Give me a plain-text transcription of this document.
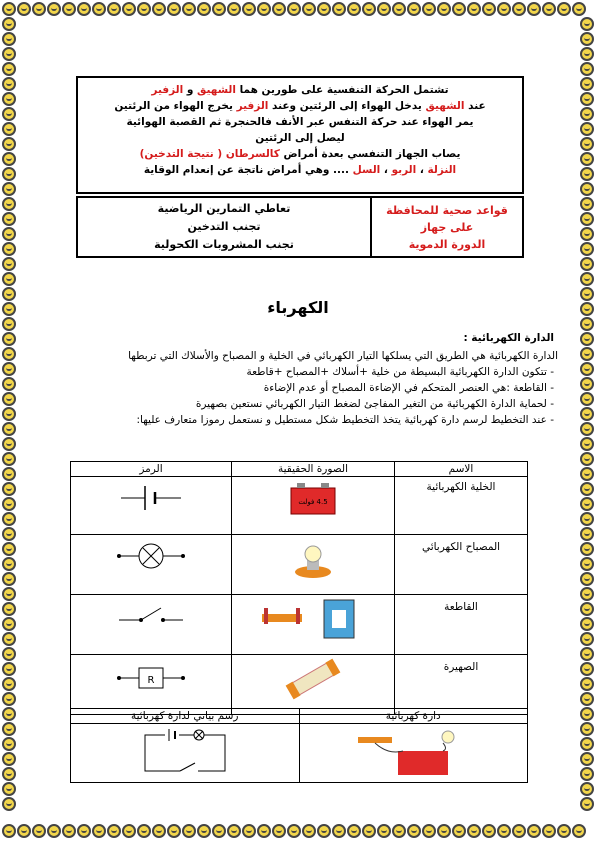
تشتمل الحركة التنفسية على طورين هما الشهيق و الزفير
عند الشهيق يدخل الهواء إلى الرئتين وعند الزفير يخرج الهواء من الرئتين
يمر الهواء عند حركة التنفس عبر الأنف فالحنجرة ثم القصبة الهوائية
ليصل إلى الرئتين
يصاب الجهاز التنفسي بعدة أمراض كالسرطان ( نتيجة التدخين)
النزلة ، الربو ، السل .... وهي أمراض ناتجة عن إنعدام الوقاية
قواعد صحية للمحافظة
على جهاز
الدورة الدموية
تعاطي التمارين الرياضية
تجنب التدخين
تجنب المشروبات الكحولية
الكهرباء
الدارة الكهربائية :
الدارة الكهربائية هي الطريق التي يسلكها التيار الكهربائي في الخلية و المصباح والأسلاك التي تربطها
- تتكون الدارة الكهربائية البسيطة من خلية +أسلاك +المصباح +قاطعة
- القاطعة :هي العنصر المتحكم في الإضاءة المصباح أو عدم الإضاءة
- لحماية الدارة الكهربائية من التغير المفاجئ لضغط التيار الكهربائي نستعين بصهيرة
- عند التخطيط لرسم دارة كهربائية يتخذ التخطيط شكل مستطيل و نستعمل رموزا متعارف عليها:
الاسم	الصورة الحقيقية	الرمز
الخلية الكهربائية	4.5 فولت

المصباح الكهربائي	

القاطعة	

الصهيرة		R
دارة كهربائية	رسم بياني لدارة كهربائية
